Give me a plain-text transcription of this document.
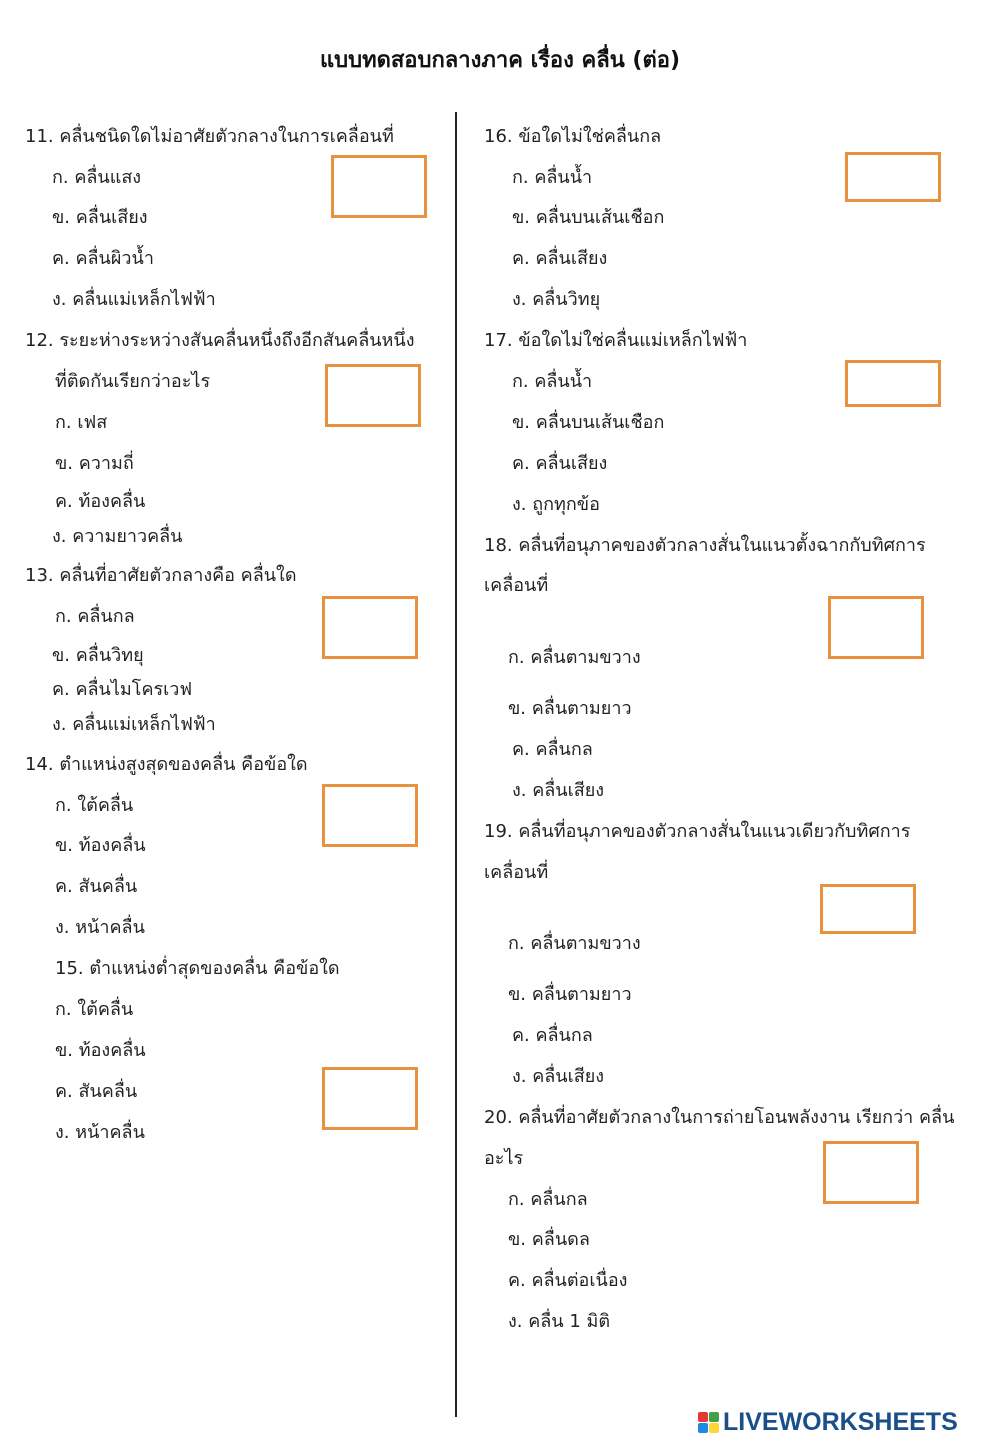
แบบทดสอบกลางภาค เรื่อง คลื่น (ต่อ)
11. คลื่นชนิดใดไม่อาศัยตัวกลางในการเคลื่อนที่
ก. คลื่นแสง
ข. คลื่นเสียง
ค. คลื่นผิวน้ำ
ง. คลื่นแม่เหล็กไฟฟ้า
12. ระยะห่างระหว่างสันคลื่นหนึ่งถึงอีกสันคลื่นหนึ่ง
ที่ติดกันเรียกว่าอะไร
ก. เฟส
ข. ความถี่
ค. ท้องคลื่น
ง. ความยาวคลื่น
13. คลื่นที่อาศัยตัวกลางคือ คลื่นใด
ก. คลื่นกล
ข. คลื่นวิทยุ
ค. คลื่นไมโครเวฟ
ง. คลื่นแม่เหล็กไฟฟ้า
14. ตำแหน่งสูงสุดของคลื่น คือข้อใด
ก. ใต้คลื่น
ข. ท้องคลื่น
ค. สันคลื่น
ง. หน้าคลื่น
15. ตำแหน่งต่ำสุดของคลื่น คือข้อใด
ก. ใต้คลื่น
ข. ท้องคลื่น
ค. สันคลื่น
ง. หน้าคลื่น
16. ข้อใดไม่ใช่คลื่นกล
ก. คลื่นน้ำ
ข. คลื่นบนเส้นเชือก
ค. คลื่นเสียง
ง. คลื่นวิทยุ
17. ข้อใดไม่ใช่คลื่นแม่เหล็กไฟฟ้า
ก. คลื่นน้ำ
ข. คลื่นบนเส้นเชือก
ค. คลื่นเสียง
ง. ถูกทุกข้อ
18. คลื่นที่อนุภาคของตัวกลางสั่นในแนวตั้งฉากกับทิศการ
เคลื่อนที่
ก. คลื่นตามขวาง
ข. คลื่นตามยาว
ค. คลื่นกล
ง. คลื่นเสียง
19. คลื่นที่อนุภาคของตัวกลางสั่นในแนวเดียวกับทิศการ
เคลื่อนที่
ก. คลื่นตามขวาง
ข. คลื่นตามยาว
ค. คลื่นกล
ง. คลื่นเสียง
20. คลื่นที่อาศัยตัวกลางในการถ่ายโอนพลังงาน เรียกว่า คลื่น
อะไร
ก. คลื่นกล
ข. คลื่นดล
ค. คลื่นต่อเนื่อง
ง. คลื่น 1 มิติ
LIVEWORKSHEETS
